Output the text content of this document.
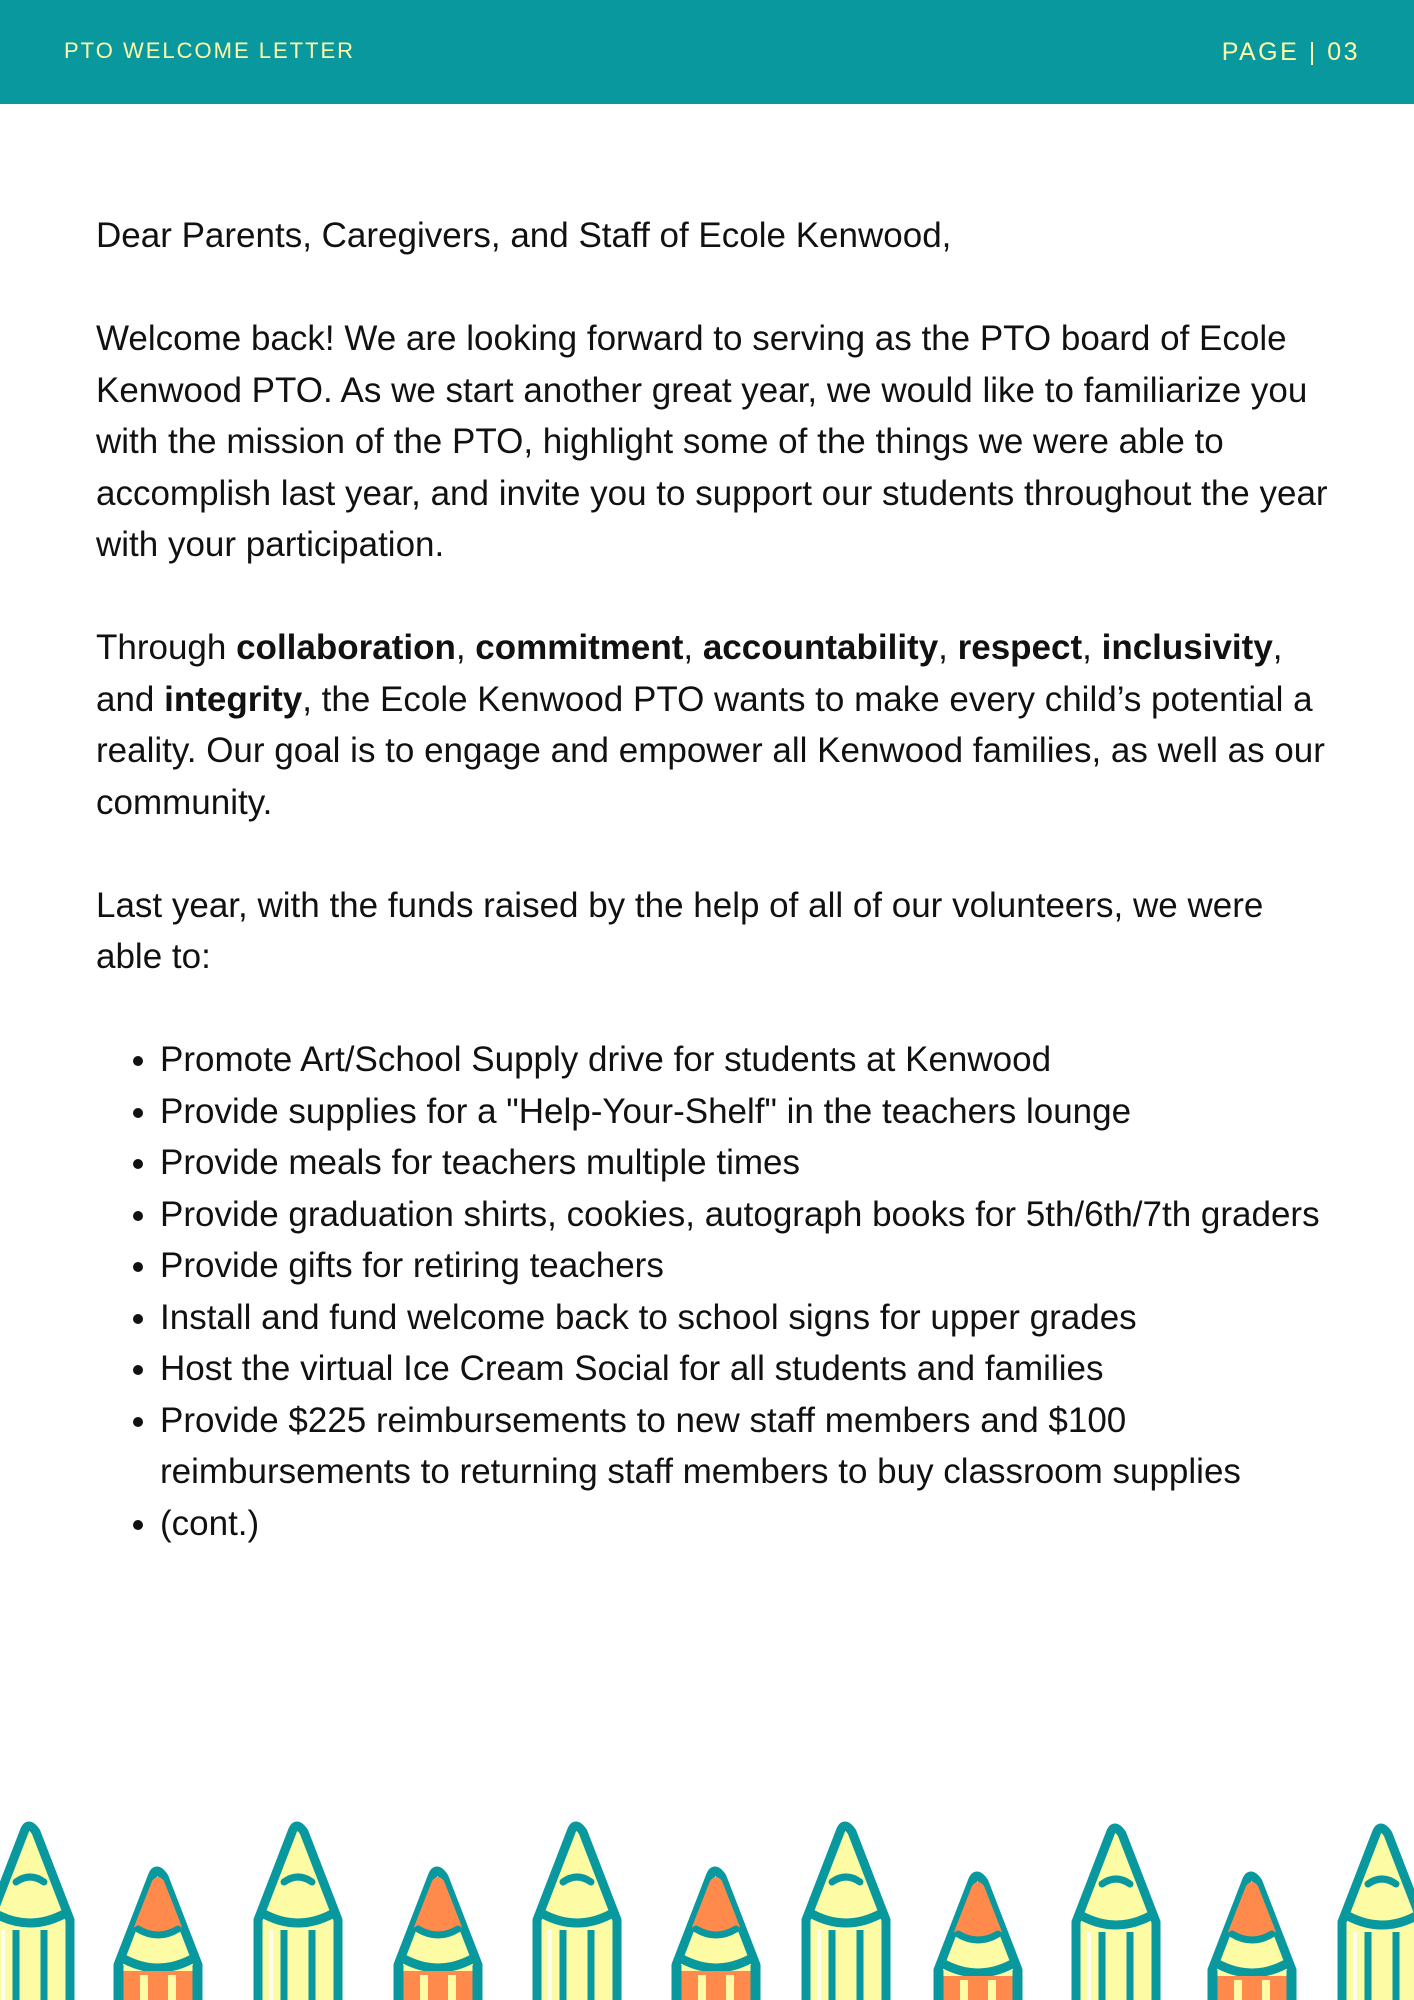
PTO WELCOME LETTER	PAGE | 03

Dear Parents, Caregivers, and Staff of Ecole Kenwood,

Welcome back! We are looking forward to serving as the PTO board of Ecole Kenwood PTO. As we start another great year, we would like to familiarize you with the mission of the PTO, highlight some of the things we were able to accomplish last year, and invite you to support our students throughout the year with your participation.

Through collaboration, commitment, accountability, respect, inclusivity, and integrity, the Ecole Kenwood PTO wants to make every child’s potential a reality. Our goal is to engage and empower all Kenwood families, as well as our community.

Last year, with the funds raised by the help of all of our volunteers, we were able to:

• Promote Art/School Supply drive for students at Kenwood
• Provide supplies for a "Help-Your-Shelf" in the teachers lounge
• Provide meals for teachers multiple times
• Provide graduation shirts, cookies, autograph books for 5th/6th/7th graders
• Provide gifts for retiring teachers
• Install and fund welcome back to school signs for upper grades
• Host the virtual Ice Cream Social for all students and families
• Provide $225 reimbursements to new staff members and $100 reimbursements to returning staff members to buy classroom supplies
• (cont.)
